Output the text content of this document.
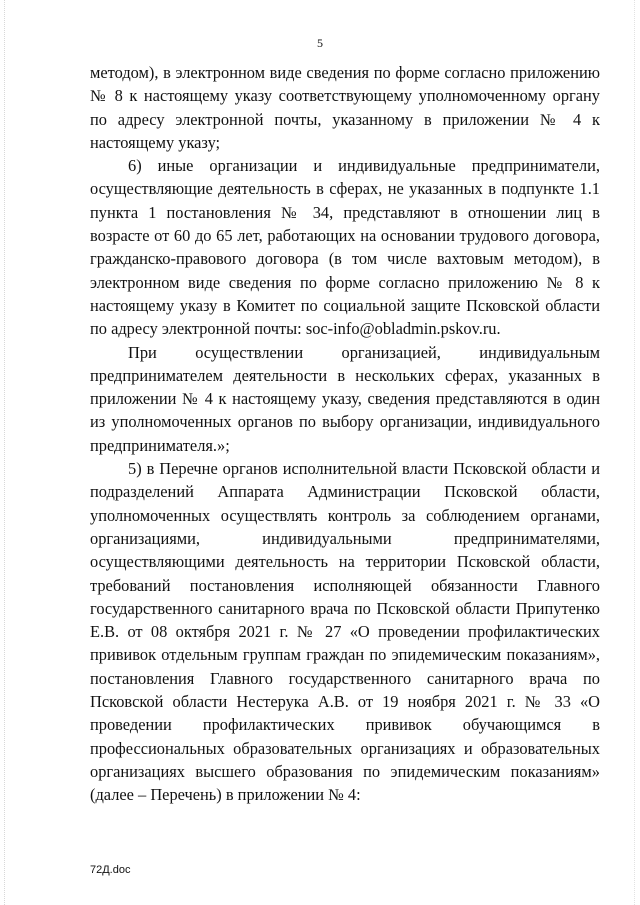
5

методом), в электронном виде сведения по форме согласно приложению № 8 к настоящему указу соответствующему уполномоченному органу по адресу электронной почты, указанному в приложении № 4 к настоящему указу;

6) иные организации и индивидуальные предприниматели, осуществляющие деятельность в сферах, не указанных в подпункте 1.1 пункта 1 постановления № 34, представляют в отношении лиц в возрасте от 60 до 65 лет, работающих на основании трудового договора, гражданско-правового договора (в том числе вахтовым методом), в электронном виде сведения по форме согласно приложению № 8 к настоящему указу в Комитет по социальной защите Псковской области по адресу электронной почты: soc-info@obladmin.pskov.ru.

При осуществлении организацией, индивидуальным предпринимателем деятельности в нескольких сферах, указанных в приложении № 4 к настоящему указу, сведения представляются в один из уполномоченных органов по выбору организации, индивидуального предпринимателя.»;

5) в Перечне органов исполнительной власти Псковской области и подразделений Аппарата Администрации Псковской области, уполномоченных осуществлять контроль за соблюдением органами, организациями, индивидуальными предпринимателями, осуществляющими деятельность на территории Псковской области, требований постановления исполняющей обязанности Главного государственного санитарного врача по Псковской области Припутенко Е.В. от 08 октября 2021 г. № 27 «О проведении профилактических прививок отдельным группам граждан по эпидемическим показаниям», постановления Главного государственного санитарного врача по Псковской области Нестерука А.В. от 19 ноября 2021 г. № 33 «О проведении профилактических прививок обучающимся в профессиональных образовательных организациях и образовательных организациях высшего образования по эпидемическим показаниям» (далее – Перечень) в приложении № 4:

72Д.doc
